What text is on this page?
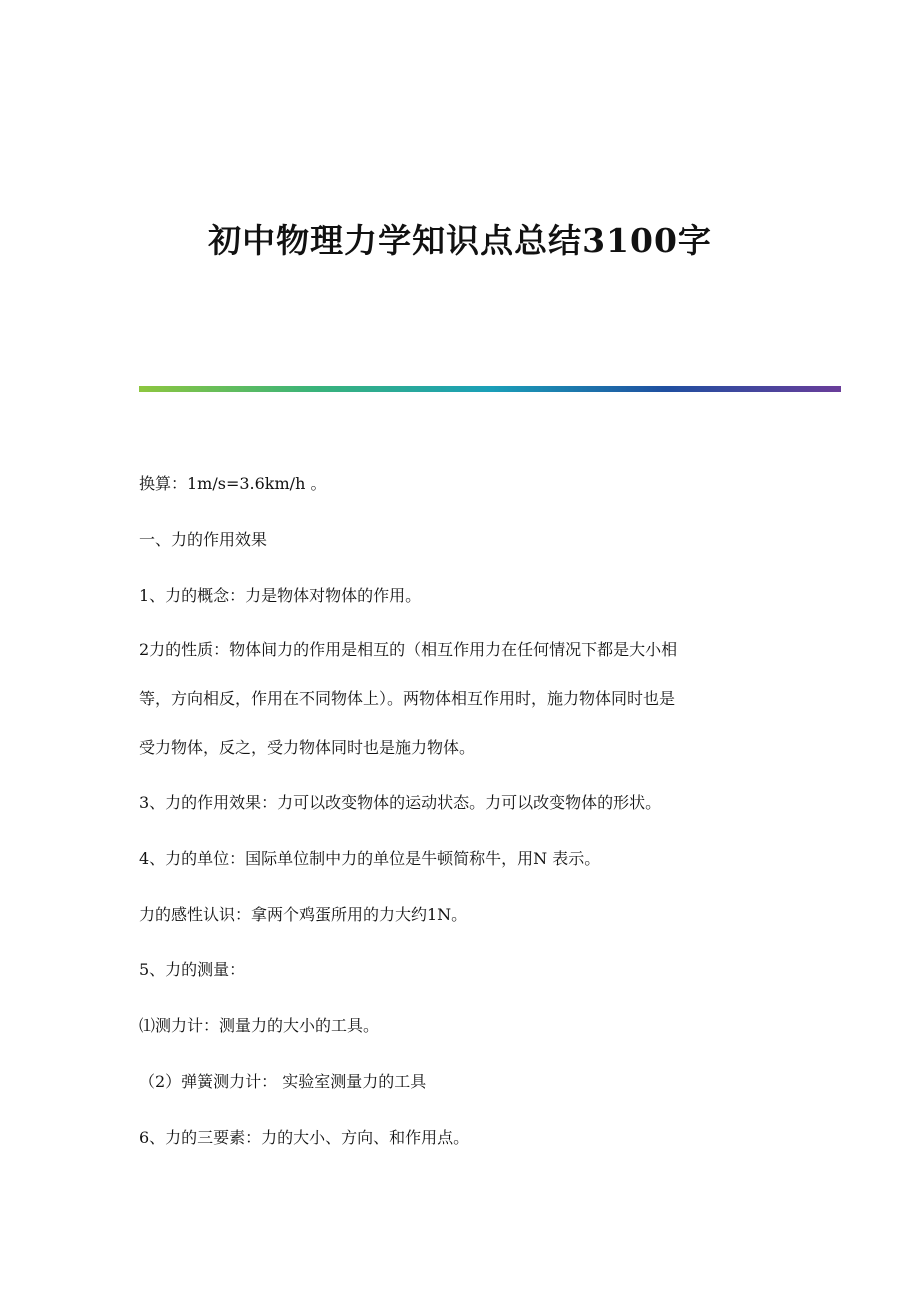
初中物理力学知识点总结3100字

换算：1m/s=3.6km/h 。

一、力的作用效果

1、力的概念：力是物体对物体的作用。

2力的性质：物体间力的作用是相互的（相互作用力在任何情况下都是大小相

等，方向相反，作用在不同物体上）。两物体相互作用时，施力物体同时也是

受力物体，反之，受力物体同时也是施力物体。

3、力的作用效果：力可以改变物体的运动状态。力可以改变物体的形状。

4、力的单位：国际单位制中力的单位是牛顿简称牛，用N 表示。

力的感性认识：拿两个鸡蛋所用的力大约1N。

5、力的测量：

⑴测力计：测量力的大小的工具。

（2）弹簧测力计： 实验室测量力的工具

6、力的三要素：力的大小、方向、和作用点。
